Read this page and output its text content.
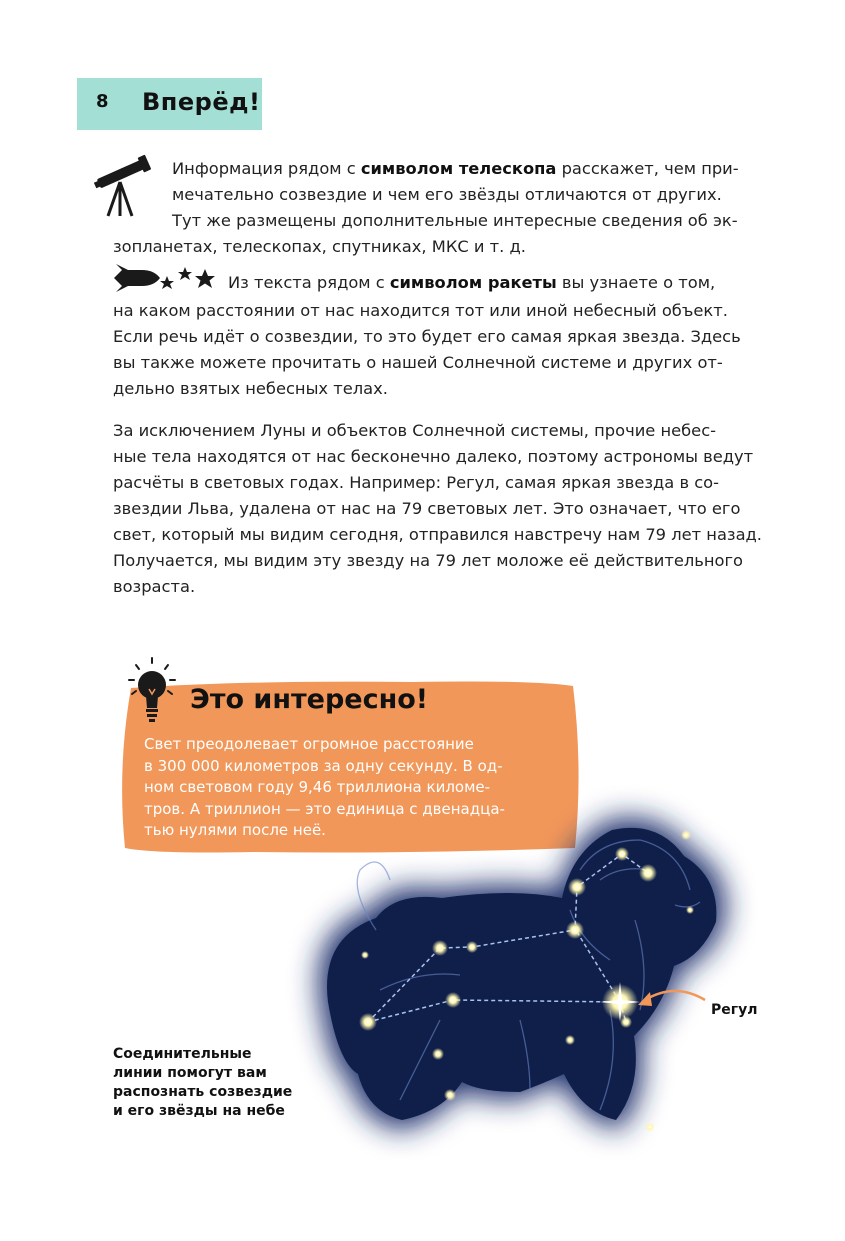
8 Вперёд!

Информация рядом с символом телескопа расскажет, чем при-

мечательно созвездие и чем его звёзды отличаются от других.

Тут же размещены дополнительные интересные сведения об эк-

зопланетах, телескопах, спутниках, МКС и т. д.

Из текста рядом с символом ракеты вы узнаете о том,

на каком расстоянии от нас находится тот или иной небесный объект.

Если речь идёт о созвездии, то это будет его самая яркая звезда. Здесь

вы также можете прочитать о нашей Солнечной системе и других от-

дельно взятых небесных телах.

За исключением Луны и объектов Солнечной системы, прочие небес-

ные тела находятся от нас бесконечно далеко, поэтому астрономы ведут

расчёты в световых годах. Например: Регул, самая яркая звезда в со-

звездии Льва, удалена от нас на 79 световых лет. Это означает, что его

свет, который мы видим сегодня, отправился навстречу нам 79 лет назад.

Получается, мы видим эту звезду на 79 лет моложе её действительного

возраста.

Это интересно!
Свет преодолевает огромное расстояние
в 300 000 километров за одну секунду. В од-
ном световом году 9,46 триллиона киломе-
тров. А триллион — это единица с двенадца-
тью нулями после неё.
Регул
Соединительные
линии помогут вам
распознать созвездие
и его звёзды на небе
